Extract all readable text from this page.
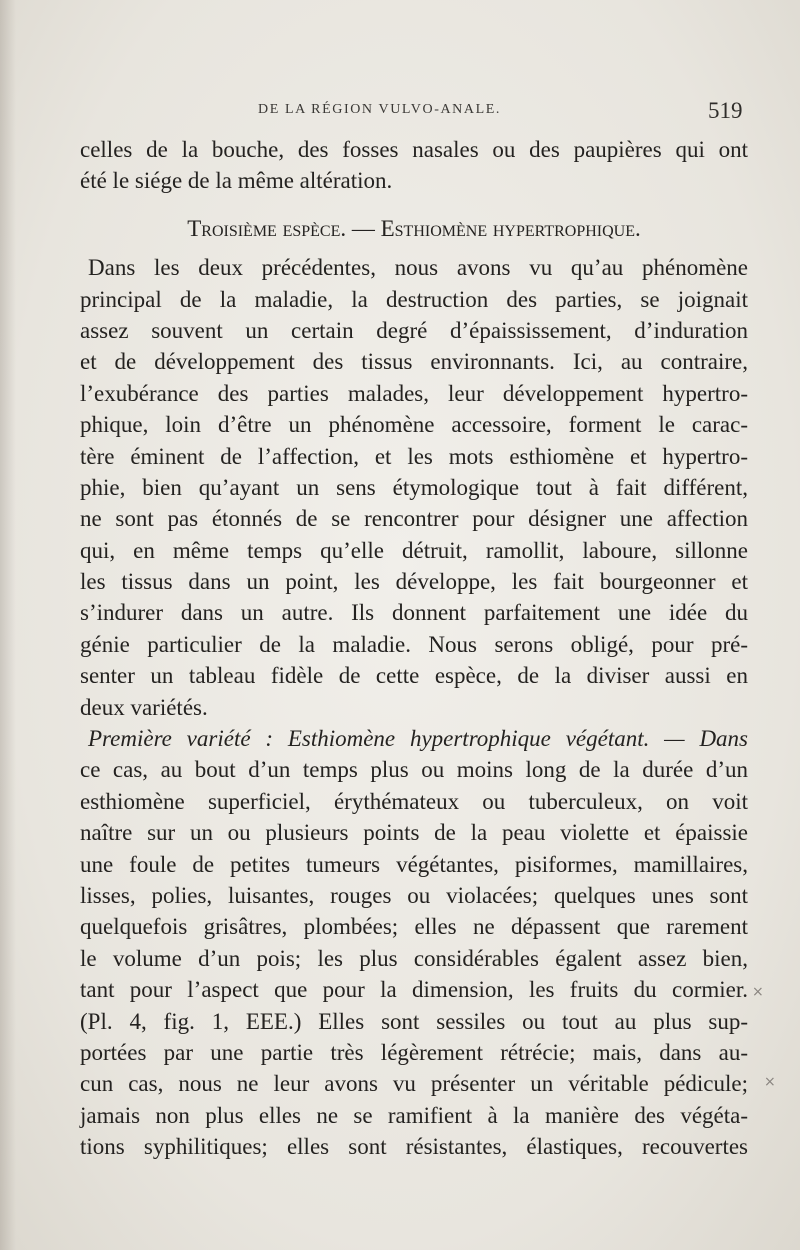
DE LA RÉGION VULVO-ANALE.	519
celles de la bouche, des fosses nasales ou des paupières qui ont
été le siége de la même altération.
Troisième espèce. — Esthiomène hypertrophique.
Dans les deux précédentes, nous avons vu qu’au phénomène
principal de la maladie, la destruction des parties, se joignait
assez souvent un certain degré d’épaississement, d’induration
et de développement des tissus environnants. Ici, au contraire,
l’exubérance des parties malades, leur développement hypertro-
phique, loin d’être un phénomène accessoire, forment le carac-
tère éminent de l’affection, et les mots esthiomène et hypertro-
phie, bien qu’ayant un sens étymologique tout à fait différent,
ne sont pas étonnés de se rencontrer pour désigner une affection
qui, en même temps qu’elle détruit, ramollit, laboure, sillonne
les tissus dans un point, les développe, les fait bourgeonner et
s’indurer dans un autre. Ils donnent parfaitement une idée du
génie particulier de la maladie. Nous serons obligé, pour pré-
senter un tableau fidèle de cette espèce, de la diviser aussi en
deux variétés.
Première variété : Esthiomène hypertrophique végétant. — Dans
ce cas, au bout d’un temps plus ou moins long de la durée d’un
esthiomène superficiel, érythémateux ou tuberculeux, on voit
naître sur un ou plusieurs points de la peau violette et épaissie
une foule de petites tumeurs végétantes, pisiformes, mamillaires,
lisses, polies, luisantes, rouges ou violacées; quelques unes sont
quelquefois grisâtres, plombées; elles ne dépassent que rarement
le volume d’un pois; les plus considérables égalent assez bien,
tant pour l’aspect que pour la dimension, les fruits du cormier.
(Pl. 4, fig. 1, EEE.) Elles sont sessiles ou tout au plus sup-
portées par une partie très légèrement rétrécie; mais, dans au-
cun cas, nous ne leur avons vu présenter un véritable pédicule;
jamais non plus elles ne se ramifient à la manière des végéta-
tions syphilitiques; elles sont résistantes, élastiques, recouvertes
×
×
